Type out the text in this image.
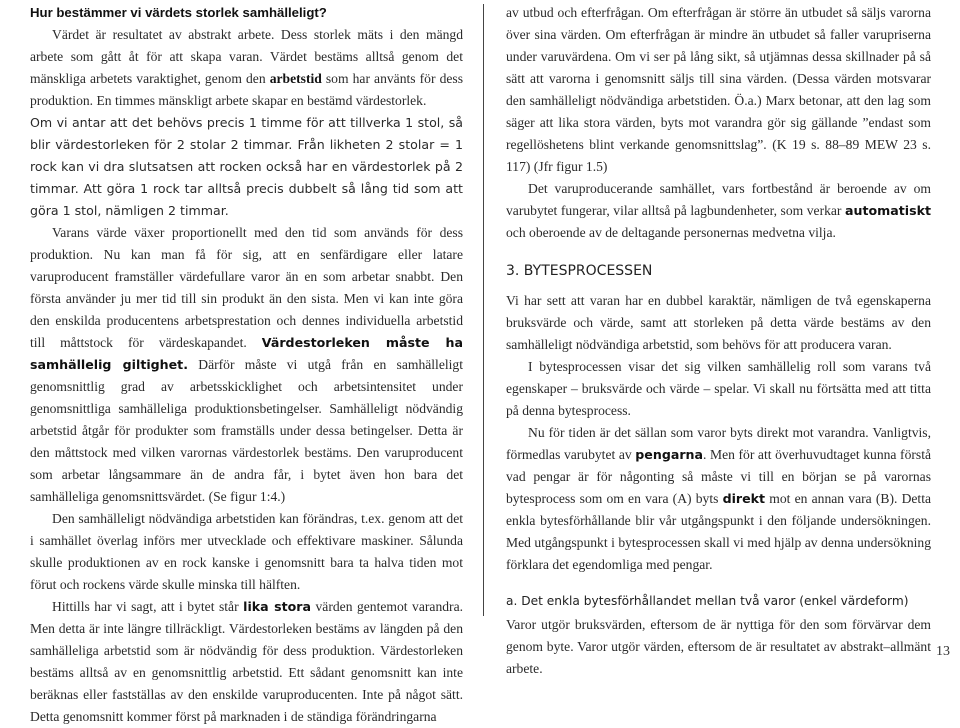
Hur bestämmer vi värdets storlek samhälleligt?

Värdet är resultatet av abstrakt arbete. Dess storlek mäts i den mängd arbete som gått åt för att skapa varan. Värdet bestäms alltså genom det mänskliga arbetets varaktighet, genom den arbetstid som har använts för dess produktion. En timmes mänskligt arbete skapar en bestämd värdestorlek.

Om vi antar att det behövs precis 1 timme för att tillverka 1 stol, så blir värdestorleken för 2 stolar 2 timmar. Från likheten 2 stolar = 1 rock kan vi dra slutsatsen att rocken också har en värdestorlek på 2 timmar. Att göra 1 rock tar alltså precis dubbelt så lång tid som att göra 1 stol, nämligen 2 timmar.

Varans värde växer proportionellt med den tid som används för dess produktion. Nu kan man få för sig, att en senfärdigare eller latare varuproducent framställer värdefullare varor än en som arbetar snabbt. Den första använder ju mer tid till sin produkt än den sista. Men vi kan inte göra den enskilda producentens arbetsprestation och dennes individuella arbetstid till måttstock för värdeskapandet. Värdestorleken måste ha samhällelig giltighet. Därför måste vi utgå från en samhälleligt genomsnittlig grad av arbetsskicklighet och arbetsintensitet under genomsnittliga samhälleliga produktionsbetingelser. Samhälleligt nödvändig arbetstid åtgår för produkter som framställs under dessa betingelser. Detta är den måttstock med vilken varornas värdestorlek bestäms. Den varuproducent som arbetar långsammare än de andra får, i bytet även hon bara det samhälleliga genomsnittsvärdet. (Se figur 1:4.)

Den samhälleligt nödvändiga arbetstiden kan förändras, t.ex. genom att det i samhället överlag införs mer utvecklade och effektivare maskiner. Sålunda skulle produktionen av en rock kanske i genomsnitt bara ta halva tiden mot förut och rockens värde skulle minska till hälften.

Hittills har vi sagt, att i bytet står lika stora värden gentemot varandra. Men detta är inte längre tillräckligt. Värdestorleken bestäms av längden på den samhälleliga arbetstid som är nödvändig för dess produktion. Värdestorleken bestäms alltså av en genomsnittlig arbetstid. Ett sådant genomsnitt kan inte beräknas eller fastställas av den enskilde varuproducenten. Inte på något sätt. Detta genomsnitt kommer först på marknaden i de ständiga förändringarna

av utbud och efterfrågan. Om efterfrågan är större än utbudet så säljs varorna över sina värden. Om efterfrågan är mindre än utbudet så faller varupriserna under varuvärdena. Om vi ser på lång sikt, så utjämnas dessa skillnader på så sätt att varorna i genomsnitt säljs till sina värden. (Dessa värden motsvarar den samhälleligt nödvändiga arbetstiden. Ö.a.) Marx betonar, att den lag som säger att lika stora värden, byts mot varandra gör sig gällande ”endast som regellöshetens blint verkande genomsnittslag”. (K 19 s. 88–89 MEW 23 s. 117) (Jfr figur 1.5)

Det varuproducerande samhället, vars fortbestånd är beroende av om varubytet fungerar, vilar alltså på lagbundenheter, som verkar automatiskt och oberoende av de deltagande personernas medvetna vilja.

3. BYTESPROCESSEN

Vi har sett att varan har en dubbel karaktär, nämligen de två egenskaperna bruksvärde och värde, samt att storleken på detta värde bestäms av den samhälleligt nödvändiga arbetstid, som behövs för att producera varan.

I bytesprocessen visar det sig vilken samhällelig roll som varans två egenskaper – bruksvärde och värde – spelar. Vi skall nu förtsätta med att titta på denna bytesprocess.

Nu för tiden är det sällan som varor byts direkt mot varandra. Vanligtvis, förmedlas varubytet av pengarna. Men för att överhuvudtaget kunna förstå vad pengar är för någonting så måste vi till en början se på varornas bytesprocess som om en vara (A) byts direkt mot en annan vara (B). Detta enkla bytesförhållande blir vår utgångspunkt i den följande undersökningen. Med utgångspunkt i bytesprocessen skall vi med hjälp av denna undersökning förklara det egendomliga med pengar.

a. Det enkla bytesförhållandet mellan två varor (enkel värdeform)

Varor utgör bruksvärden, eftersom de är nyttiga för den som förvärvar dem genom byte. Varor utgör värden, eftersom de är resultatet av abstrakt–allmänt arbete.

13
